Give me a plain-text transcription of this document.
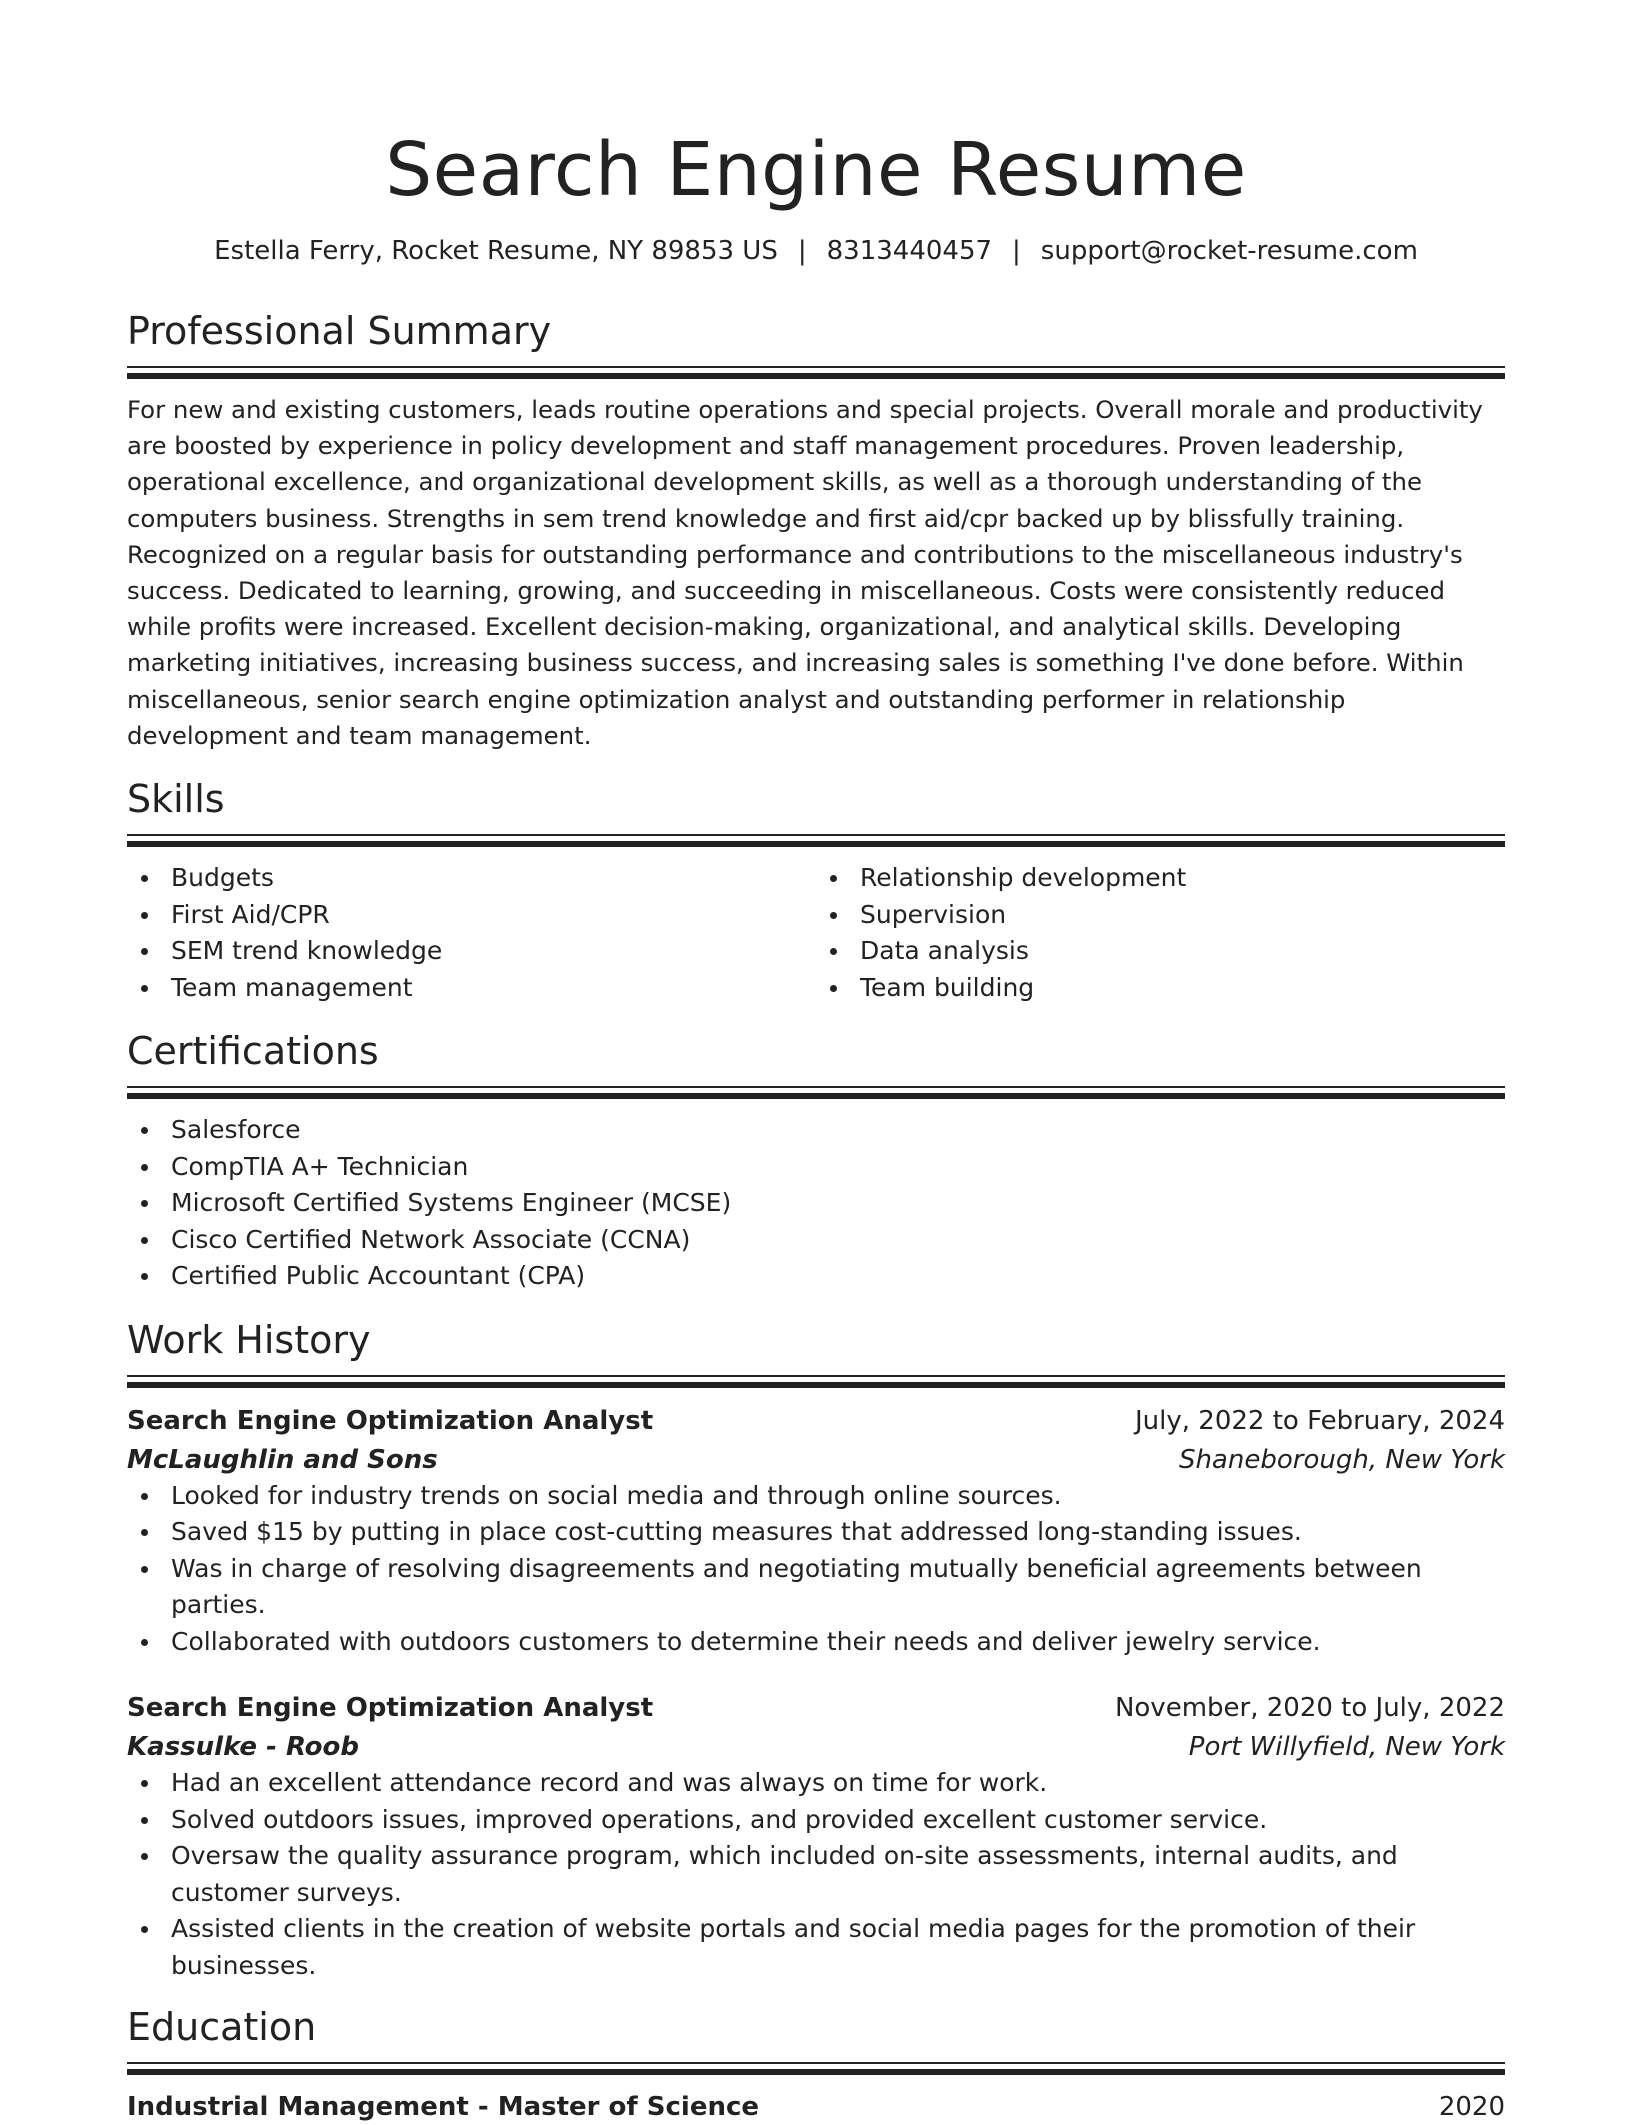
Search Engine Resume
Estella Ferry, Rocket Resume, NY 89853 US | 8313440457 | support@rocket-resume.com
Professional Summary
For new and existing customers, leads routine operations and special projects. Overall morale and productivity are boosted by experience in policy development and staff management procedures. Proven leadership, operational excellence, and organizational development skills, as well as a thorough understanding of the computers business. Strengths in sem trend knowledge and first aid/cpr backed up by blissfully training. Recognized on a regular basis for outstanding performance and contributions to the miscellaneous industry's success. Dedicated to learning, growing, and succeeding in miscellaneous. Costs were consistently reduced while profits were increased. Excellent decision-making, organizational, and analytical skills. Developing marketing initiatives, increasing business success, and increasing sales is something I've done before. Within miscellaneous, senior search engine optimization analyst and outstanding performer in relationship development and team management.
Skills
Budgets
First Aid/CPR
SEM trend knowledge
Team management
Relationship development
Supervision
Data analysis
Team building
Certifications
Salesforce
CompTIA A+ Technician
Microsoft Certified Systems Engineer (MCSE)
Cisco Certified Network Associate (CCNA)
Certified Public Accountant (CPA)
Work History
Search Engine Optimization Analyst	July, 2022 to February, 2024
McLaughlin and Sons	Shaneborough, New York
Looked for industry trends on social media and through online sources.
Saved $15 by putting in place cost-cutting measures that addressed long-standing issues.
Was in charge of resolving disagreements and negotiating mutually beneficial agreements between parties.
Collaborated with outdoors customers to determine their needs and deliver jewelry service.
Search Engine Optimization Analyst	November, 2020 to July, 2022
Kassulke - Roob	Port Willyfield, New York
Had an excellent attendance record and was always on time for work.
Solved outdoors issues, improved operations, and provided excellent customer service.
Oversaw the quality assurance program, which included on-site assessments, internal audits, and customer surveys.
Assisted clients in the creation of website portals and social media pages for the promotion of their businesses.
Education
Industrial Management - Master of Science	2020
